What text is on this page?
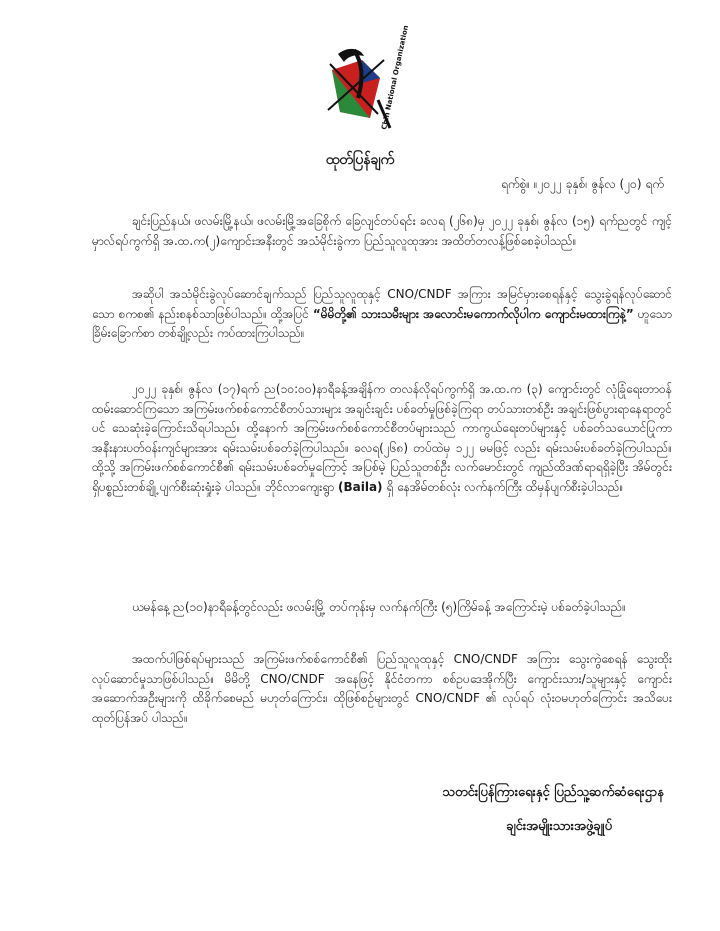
Chin National Organization
ထုတ်ပြန်ချက်
ရက်စွဲ။ ။၂၀၂၂ ခုနှစ်၊ ဇွန်လ (၂၀) ရက်

ချင်းပြည်နယ်၊ ဖလမ်းမြို့နယ်၊ ဖလမ်းမြို့အခြေစိုက် ခြေလျင်တပ်ရင်း ခလရ (၂၆၈)မှ ၂၀၂၂ ခုနှစ်၊ ဇွန်လ (၁၅) ရက်ညတွင် ကျင့်မှာလ်ရပ်ကွက်ရှိ အ.ထ.က(၂)ကျောင်းအနီးတွင် အသံမိုင်းခွဲကာ ပြည်သူလူထုအား အထိတ်တလန့်ဖြစ်စေခဲ့ပါသည်။

အဆိုပါ အသံမိုင်းခွဲလုပ်ဆောင်ချက်သည် ပြည်သူလူထုနှင့် CNO/CNDF အကြား အမြင်မှားစေရန်နှင့် သွေးခွဲရန်လုပ်ဆောင်သော စကစ၏ နည်းစနစ်သာဖြစ်ပါသည်။ ထို့အပြင် “မိမိတို့၏ သားသမီးများ အလောင်းမကောက်လိုပါက ကျောင်းမထားကြနဲ့” ဟူသော ခြိမ်းခြောက်စာ တစ်ချို့လည်း ကပ်ထားကြပါသည်။

၂၀၂၂ ခုနှစ်၊ ဇွန်လ (၁၇)ရက် ည(၁၀:၀၀)နာရီခန့်အချိန်က တလန်လိုရပ်ကွက်ရှိ အ.ထ.က (၃) ကျောင်းတွင် လုံခြုံရေးတာဝန်ထမ်းဆောင်ကြသော အကြမ်းဖက်စစ်ကောင်စီတပ်သားများ အချင်းချင်း ပစ်ခတ်မှုဖြစ်ခဲ့ကြရာ တပ်သားတစ်ဦး အချင်းဖြစ်ပွားရာနေရာတွင်ပင် သေဆုံးခဲ့ကြောင်းသိရပါသည်။ ထို့နောက် အကြမ်းဖက်စစ်ကောင်စီတပ်များသည် ကာကွယ်ရေးတပ်များနှင့် ပစ်ခတ်သယောင်ပြုကာ အနီးနားပတ်ဝန်းကျင်များအား ရမ်းသမ်းပစ်ခတ်ခဲ့ကြပါသည်။ ခလရ(၂၆၈) တပ်ထဲမှ ၁၂၂ မမဖြင့် လည်း ရမ်းသမ်းပစ်ခတ်ခဲ့ကြပါသည်။ ထို့သို့ အကြမ်းဖက်စစ်ကောင်စီ၏ ရမ်းသမ်းပစ်ခတ်မှုကြောင့် အပြစ်မဲ့ ပြည်သူတစ်ဦး လက်မောင်းတွင် ကျည်ထိဒဏ်ရာရရှိခဲ့ပြီး အိမ်တွင်းရှိပစ္စည်းတစ်ချို့ ပျက်စီးဆုံးရှုံးခဲ့ ပါသည်။ ဘိုင်လာကျေးရွာ (Baila) ရှိ နေအိမ်တစ်လုံး လက်နက်ကြီး ထိမှန်ပျက်စီးခဲ့ပါသည်။

ယမန်နေ့ ည(၁၀)နာရီခန့်တွင်လည်း ဖလမ်းမြို့ တပ်ကုန်းမှ လက်နက်ကြီး (၅)ကြိမ်ခန့် အကြောင်းမဲ့ ပစ်ခတ်ခဲ့ပါသည်။

အထက်ပါဖြစ်ရပ်များသည် အကြမ်းဖက်စစ်ကောင်စီ၏ ပြည်သူလူထုနှင့် CNO/CNDF အကြား သွေးကွဲစေရန် သွေးထိုးလုပ်ဆောင်မှုသာဖြစ်ပါသည်။ မိမိတို့ CNO/CNDF အနေဖြင့် နိုင်ငံတကာ စစ်ဥပဒေအိုက်ပြီး ကျောင်းသား/သူများနှင့် ကျောင်းအဆောက်အဦးများကို ထိခိုက်စေမည် မဟုတ်ကြောင်း၊ ထိုဖြစ်စဉ်များတွင် CNO/CNDF ၏ လုပ်ရပ် လုံးဝမဟုတ်ကြောင်း အသိပေးထုတ်ပြန်အပ် ပါသည်။

သတင်းပြန်ကြားရေးနှင့် ပြည်သူ့ဆက်ဆံရေးဌာန
ချင်းအမျိုးသားအဖွဲ့ချုပ်
